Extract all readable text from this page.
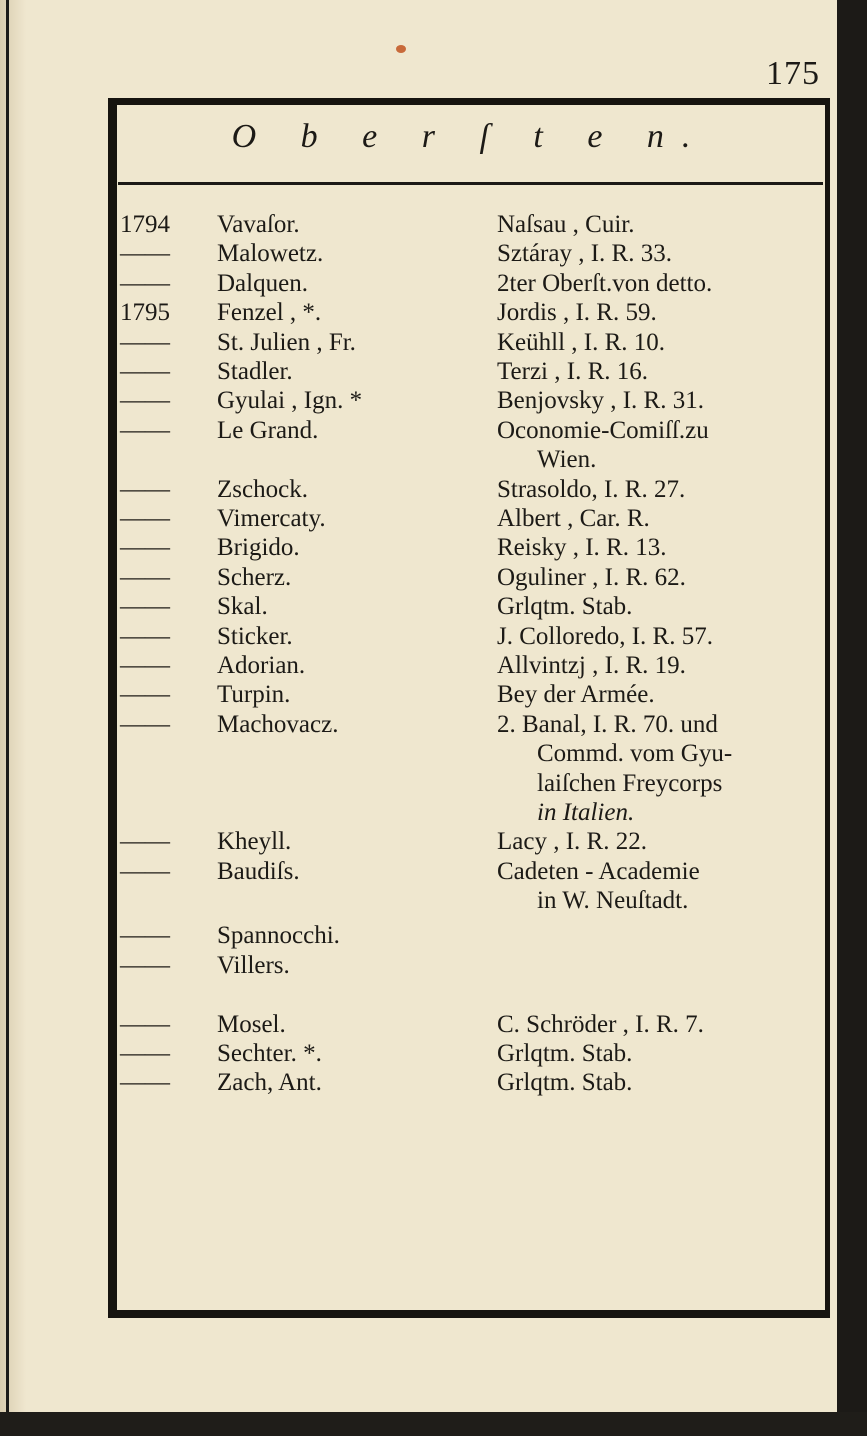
175
O b e r ſ t e n.
1794	Vavaſor.	Naſsau , Cuir.
——	Malowetz.	Sztáray , I. R. 33.
——	Dalquen.	2ter Oberſt.von detto.
1795	Fenzel , *.	Jordis , I. R. 59.
——	St. Julien , Fr.	Keühll , I. R. 10.
——	Stadler.	Terzi , I. R. 16.
——	Gyulai , Ign. *	Benjovsky , I. R. 31.
——	Le Grand.	Oconomie-Comiſſ.zu
Wien.
——	Zschock.	Strasoldo, I. R. 27.
——	Vimercaty.	Albert , Car. R.
——	Brigido.	Reisky , I. R. 13.
——	Scherz.	Oguliner , I. R. 62.
——	Skal.	Grlqtm. Stab.
——	Sticker.	J. Colloredo, I. R. 57.
——	Adorian.	Allvintzj , I. R. 19.
——	Turpin.	Bey der Armée.
——	Machovacz.	2. Banal, I. R. 70. und
Commd. vom Gyu-
laiſchen Freycorps
in Italien.
——	Kheyll.	Lacy , I. R. 22.
——	Baudiſs.	Cadeten - Academie
in W. Neuſtadt.
——	Spannocchi.
——	Villers.
——	Mosel.	C. Schröder , I. R. 7.
——	Sechter. *.	Grlqtm. Stab.
——	Zach, Ant.	Grlqtm. Stab.
